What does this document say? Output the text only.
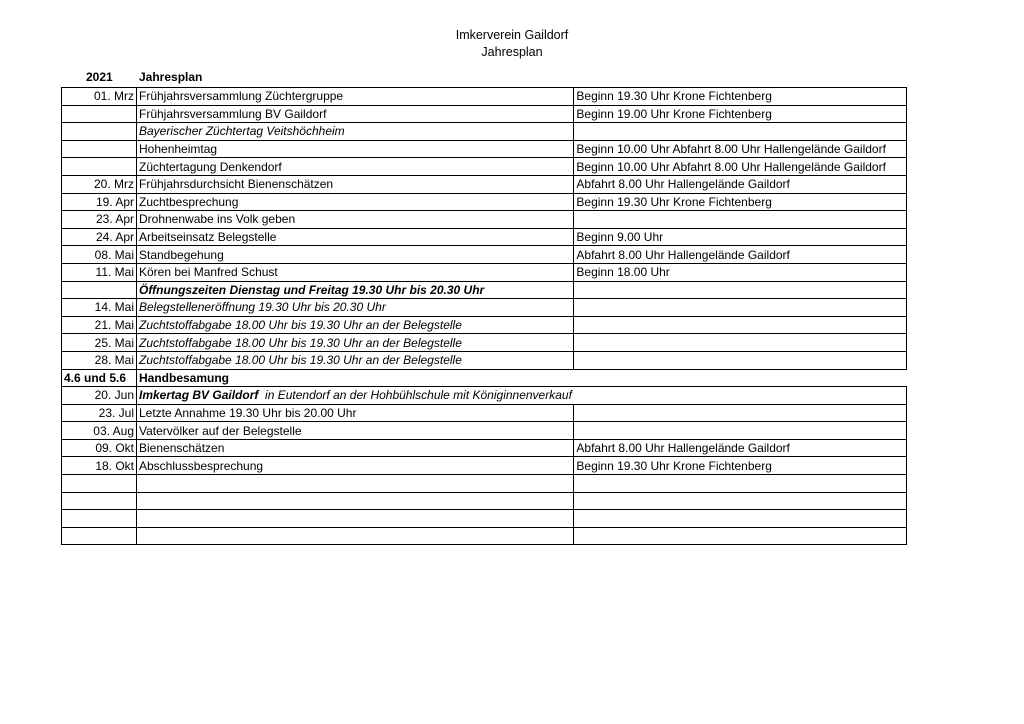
Imkerverein Gaildorf
Jahresplan
2021 Jahresplan
01. Mrz	Frühjahrsversammlung Züchtergruppe	Beginn 19.30 Uhr Krone Fichtenberg
	Frühjahrsversammlung BV Gaildorf	Beginn 19.00 Uhr Krone Fichtenberg
	Bayerischer Züchtertag Veitshöchheim	
	Hohenheimtag	Beginn 10.00 Uhr Abfahrt 8.00 Uhr Hallengelände Gaildorf
	Züchtertagung Denkendorf	Beginn 10.00 Uhr Abfahrt 8.00 Uhr Hallengelände Gaildorf
20. Mrz	Frühjahrsdurchsicht Bienenschätzen	Abfahrt 8.00 Uhr Hallengelände Gaildorf
19. Apr	Zuchtbesprechung	Beginn 19.30 Uhr Krone Fichtenberg
23. Apr	Drohnenwabe ins Volk geben	
24. Apr	Arbeitseinsatz Belegstelle	Beginn 9.00 Uhr
08. Mai	Standbegehung	Abfahrt 8.00 Uhr Hallengelände Gaildorf
11. Mai	Kören bei Manfred Schust	Beginn 18.00 Uhr
	Öffnungszeiten Dienstag und Freitag 19.30 Uhr bis 20.30 Uhr	
14. Mai	Belegstelleneröffnung 19.30 Uhr bis 20.30 Uhr	
21. Mai	Zuchtstoffabgabe 18.00 Uhr bis 19.30 Uhr an der Belegstelle	
25. Mai	Zuchtstoffabgabe 18.00 Uhr bis 19.30 Uhr an der Belegstelle	
28. Mai	Zuchtstoffabgabe 18.00 Uhr bis 19.30 Uhr an der Belegstelle	
4.6 und 5.6	Handbesamung	
20. Jun	Imkertag BV Gaildorf  in Eutendorf an der Hohbühlschule mit Königinnenverkauf	
23. Jul	Letzte Annahme 19.30 Uhr bis 20.00 Uhr	
03. Aug	Vatervölker auf der Belegstelle	
09. Okt	Bienenschätzen	Abfahrt 8.00 Uhr Hallengelände Gaildorf
18. Okt	Abschlussbesprechung	Beginn 19.30 Uhr Krone Fichtenberg
